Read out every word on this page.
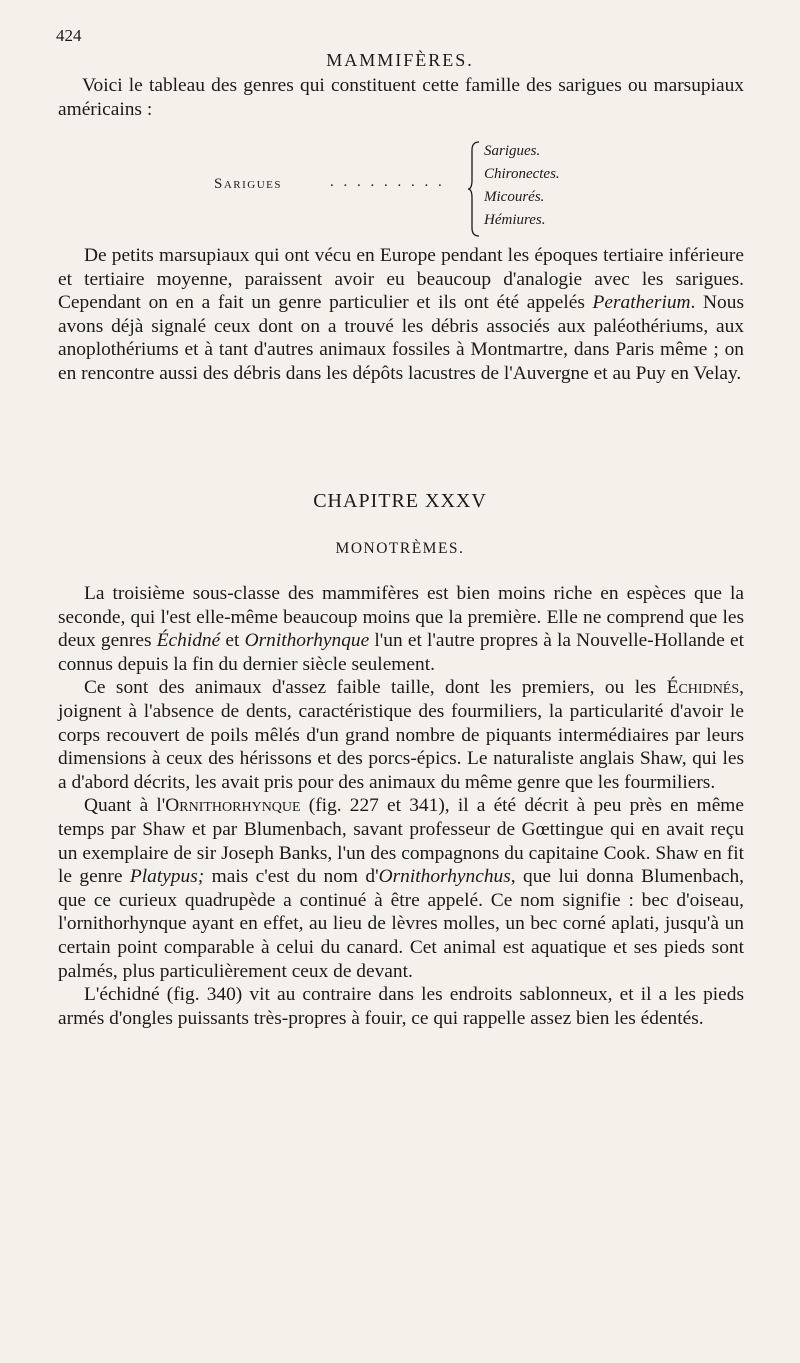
424
MAMMIFÈRES.

Voici le tableau des genres qui constituent cette famille des sarigues ou marsupiaux américains :

Sarigues	. . . . . . . . .
Sarigues.
Chironectes.
Micourés.
Hémiures.

De petits marsupiaux qui ont vécu en Europe pendant les époques tertiaire inférieure et tertiaire moyenne, paraissent avoir eu beaucoup d'analogie avec les sarigues. Cependant on en a fait un genre particulier et ils ont été appelés Peratherium. Nous avons déjà signalé ceux dont on a trouvé les débris associés aux paléothériums, aux anoplothériums et à tant d'autres animaux fossiles à Montmartre, dans Paris même ; on en rencontre aussi des débris dans les dépôts lacustres de l'Auvergne et au Puy en Velay.

CHAPITRE XXXV
MONOTRÈMES.

La troisième sous-classe des mammifères est bien moins riche en espèces que la seconde, qui l'est elle-même beaucoup moins que la première. Elle ne comprend que les deux genres Échidné et Ornithorhynque l'un et l'autre propres à la Nouvelle-Hollande et connus depuis la fin du dernier siècle seulement.

Ce sont des animaux d'assez faible taille, dont les premiers, ou les Échidnés, joignent à l'absence de dents, caractéristique des fourmiliers, la particularité d'avoir le corps recouvert de poils mêlés d'un grand nombre de piquants intermédiaires par leurs dimensions à ceux des hérissons et des porcs-épics. Le naturaliste anglais Shaw, qui les a d'abord décrits, les avait pris pour des animaux du même genre que les fourmiliers.

Quant à l'Ornithorhynque (fig. 227 et 341), il a été décrit à peu près en même temps par Shaw et par Blumenbach, savant professeur de Gœttingue qui en avait reçu un exemplaire de sir Joseph Banks, l'un des compagnons du capitaine Cook. Shaw en fit le genre Platypus; mais c'est du nom d'Ornithorhynchus, que lui donna Blumenbach, que ce curieux quadrupède a continué à être appelé. Ce nom signifie : bec d'oiseau, l'ornithorhynque ayant en effet, au lieu de lèvres molles, un bec corné aplati, jusqu'à un certain point comparable à celui du canard. Cet animal est aquatique et ses pieds sont palmés, plus particulièrement ceux de devant.

L'échidné (fig. 340) vit au contraire dans les endroits sablonneux, et il a les pieds armés d'ongles puissants très-propres à fouir, ce qui rappelle assez bien les édentés.
